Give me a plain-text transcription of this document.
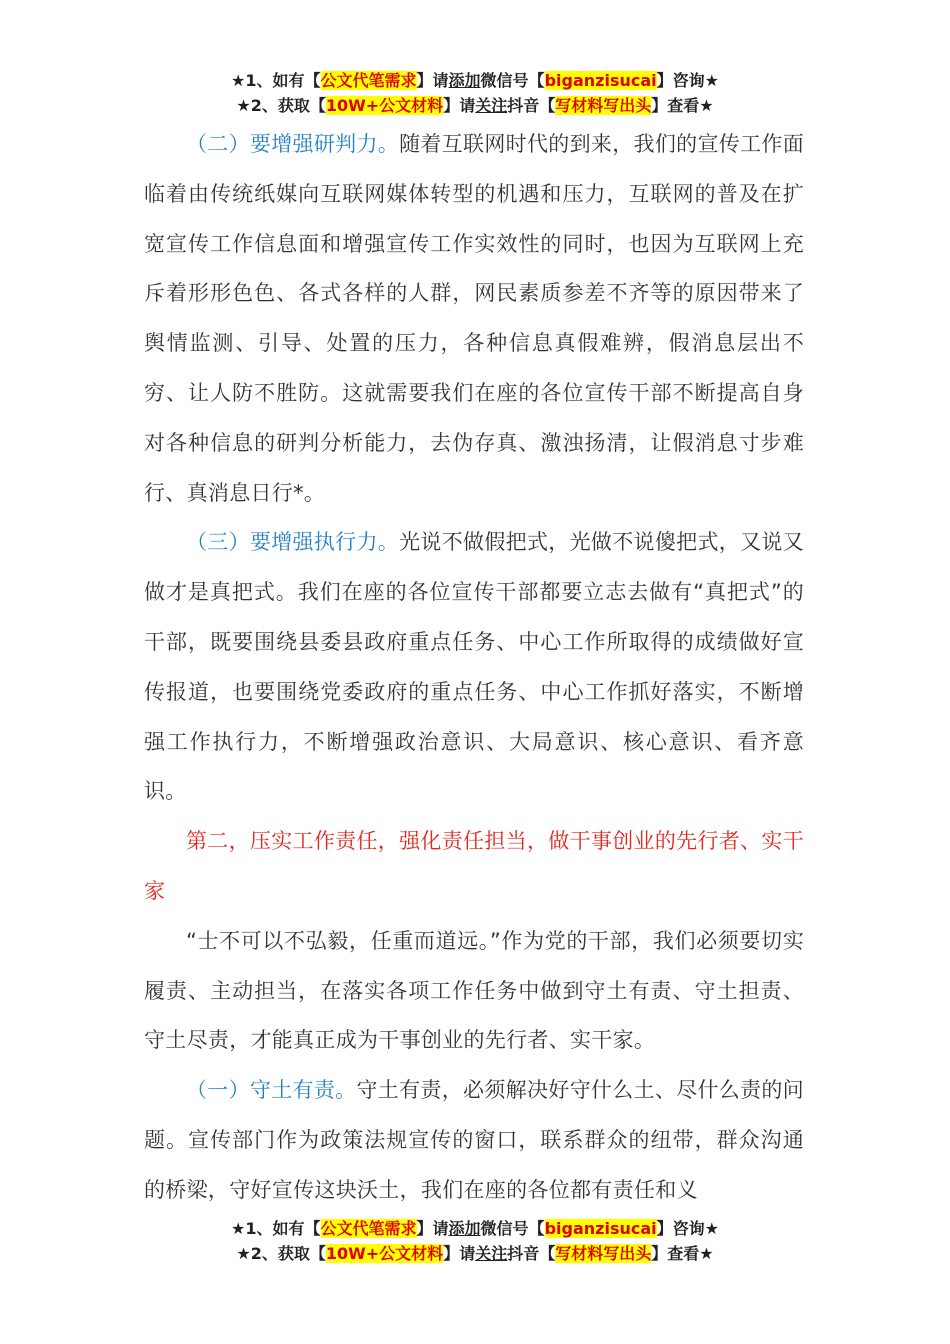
★1、如有【公文代笔需求】请添加微信号【biganzisucai】咨询★
★2、获取【10W+公文材料】请关注抖音【写材料写出头】查看★

（二）要增强研判力。随着互联网时代的到来，我们的宣传工作面临着由传统纸媒向互联网媒体转型的机遇和压力，互联网的普及在扩宽宣传工作信息面和增强宣传工作实效性的同时，也因为互联网上充斥着形形色色、各式各样的人群，网民素质参差不齐等的原因带来了舆情监测、引导、处置的压力，各种信息真假难辨，假消息层出不穷、让人防不胜防。这就需要我们在座的各位宣传干部不断提高自身对各种信息的研判分析能力，去伪存真、激浊扬清，让假消息寸步难行、真消息日行*。

（三）要增强执行力。光说不做假把式，光做不说傻把式，又说又做才是真把式。我们在座的各位宣传干部都要立志去做有“真把式”的干部，既要围绕县委县政府重点任务、中心工作所取得的成绩做好宣传报道，也要围绕党委政府的重点任务、中心工作抓好落实，不断增强工作执行力，不断增强政治意识、大局意识、核心意识、看齐意识。

第二，压实工作责任，强化责任担当，做干事创业的先行者、实干家

“士不可以不弘毅，任重而道远。”作为党的干部，我们必须要切实履责、主动担当，在落实各项工作任务中做到守土有责、守土担责、守土尽责，才能真正成为干事创业的先行者、实干家。

（一）守土有责。守土有责，必须解决好守什么土、尽什么责的问题。宣传部门作为政策法规宣传的窗口，联系群众的纽带，群众沟通的桥梁，守好宣传这块沃土，我们在座的各位都有责任和义

★1、如有【公文代笔需求】请添加微信号【biganzisucai】咨询★
★2、获取【10W+公文材料】请关注抖音【写材料写出头】查看★
